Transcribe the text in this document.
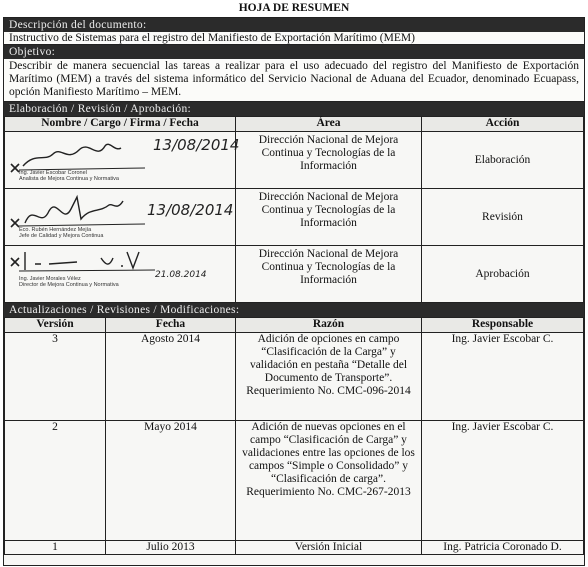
HOJA DE RESUMEN
Descripción del documento:
Instructivo de Sistemas para el registro del Manifiesto de Exportación Marítimo (MEM)
Objetivo:
Describir de manera secuencial las tareas a realizar para el uso adecuado del registro del Manifiesto de Exportación Marítimo (MEM) a través del sistema informático del Servicio Nacional de Aduana del Ecuador, denominado Ecuapass, opción Manifiesto Marítimo – MEM.
Elaboración / Revisión / Aprobación:
Nombre / Cargo / Firma / Fecha	Área	Acción

13/08/2014
Ing. Javier Escobar Coronel
Analista de Mejora Continua y Normativa	Dirección Nacional de Mejora Continua y Tecnologías de la Información	Elaboración

13/08/2014
Eco. Rubén Hernández Mejía
Jefe de Calidad y Mejora Continua	Dirección Nacional de Mejora Continua y Tecnologías de la Información	Revisión

21.08.2014
Ing. Javier Morales Vélez
Director de Mejora Continua y Normativa	Dirección Nacional de Mejora Continua y Tecnologías de la Información	Aprobación
Actualizaciones / Revisiones / Modificaciones:
Versión	Fecha	Razón	Responsable
3	Agosto 2014	Adición de opciones en campo “Clasificación de la Carga” y validación en pestaña “Detalle del Documento de Transporte”. Requerimiento No. CMC-096-2014	Ing. Javier Escobar C.
2	Mayo 2014	Adición de nuevas opciones en el campo “Clasificación de Carga” y validaciones entre las opciones de los campos “Simple o Consolidado” y “Clasificación de carga”. Requerimiento No. CMC-267-2013	Ing. Javier Escobar C.
1	Julio 2013	Versión Inicial	Ing. Patricia Coronado D.
